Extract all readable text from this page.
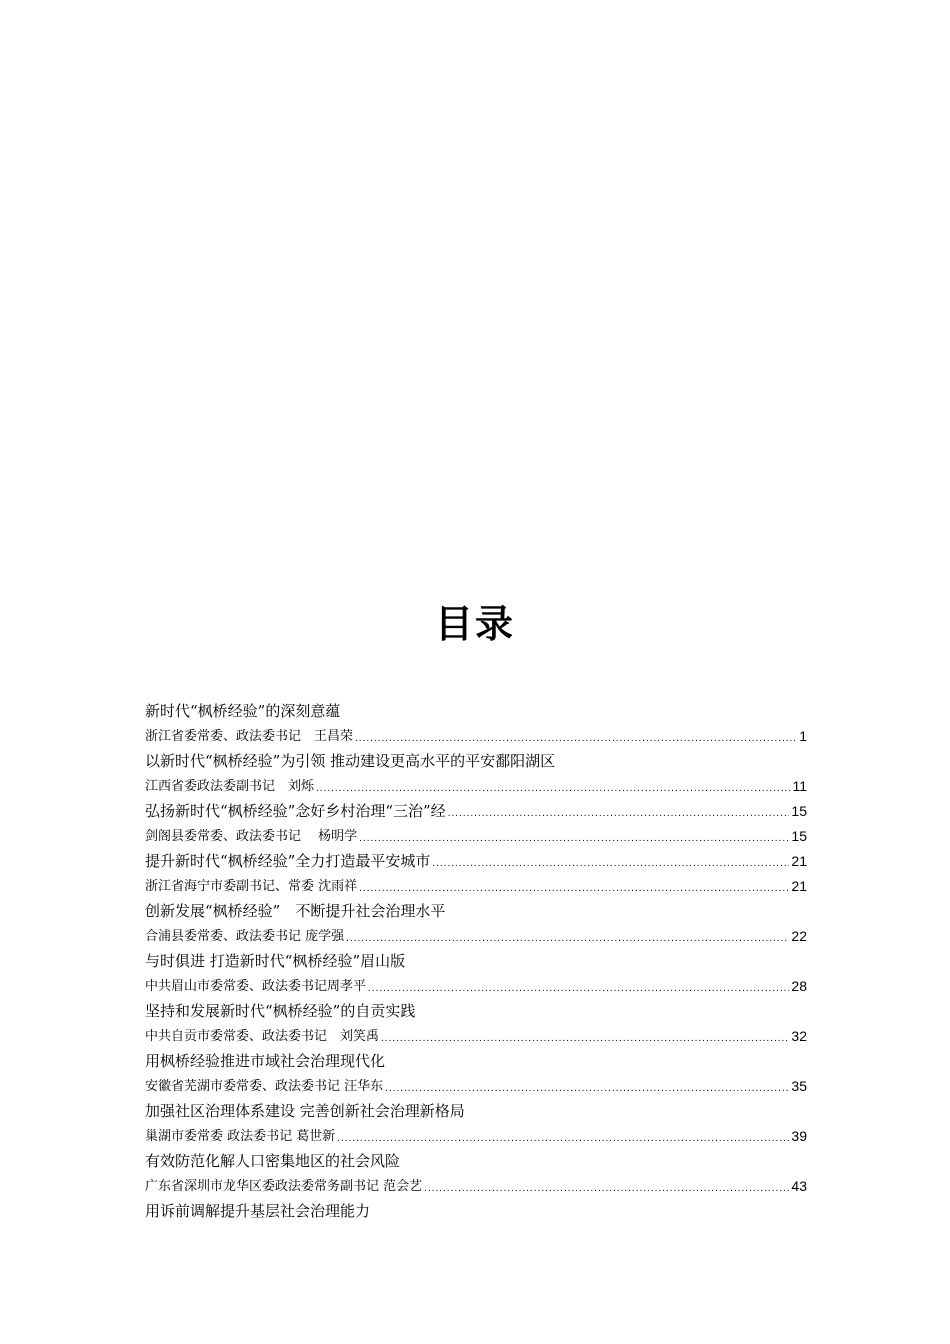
目录
新时代“枫桥经验”的深刻意蕴
浙江省委常委、政法委书记　王昌荣 .....	1
以新时代“枫桥经验”为引领 推动建设更高水平的平安鄱阳湖区
江西省委政法委副书记　刘烁 .....	11
弘扬新时代“枫桥经验”念好乡村治理“三治”经 .....	15
剑阁县委常委、政法委书记　 杨明学 .....	15
提升新时代“枫桥经验”全力打造最平安城市 .....	21
浙江省海宁市委副书记、常委 沈雨祥 .....	21
创新发展“枫桥经验”　不断提升社会治理水平
合浦县委常委、政法委书记 庞学强 .....	22
与时俱进 打造新时代“枫桥经验”眉山版
中共眉山市委常委、政法委书记周孝平 .....	28
坚持和发展新时代“枫桥经验”的自贡实践
中共自贡市委常委、政法委书记　刘笑禹 .....	32
用枫桥经验推进市域社会治理现代化
安徽省芜湖市委常委、政法委书记 汪华东 .....	35
加强社区治理体系建设 完善创新社会治理新格局
巢湖市委常委 政法委书记 葛世新 .....	39
有效防范化解人口密集地区的社会风险
广东省深圳市龙华区委政法委常务副书记 范会艺 .....	43
用诉前调解提升基层社会治理能力
